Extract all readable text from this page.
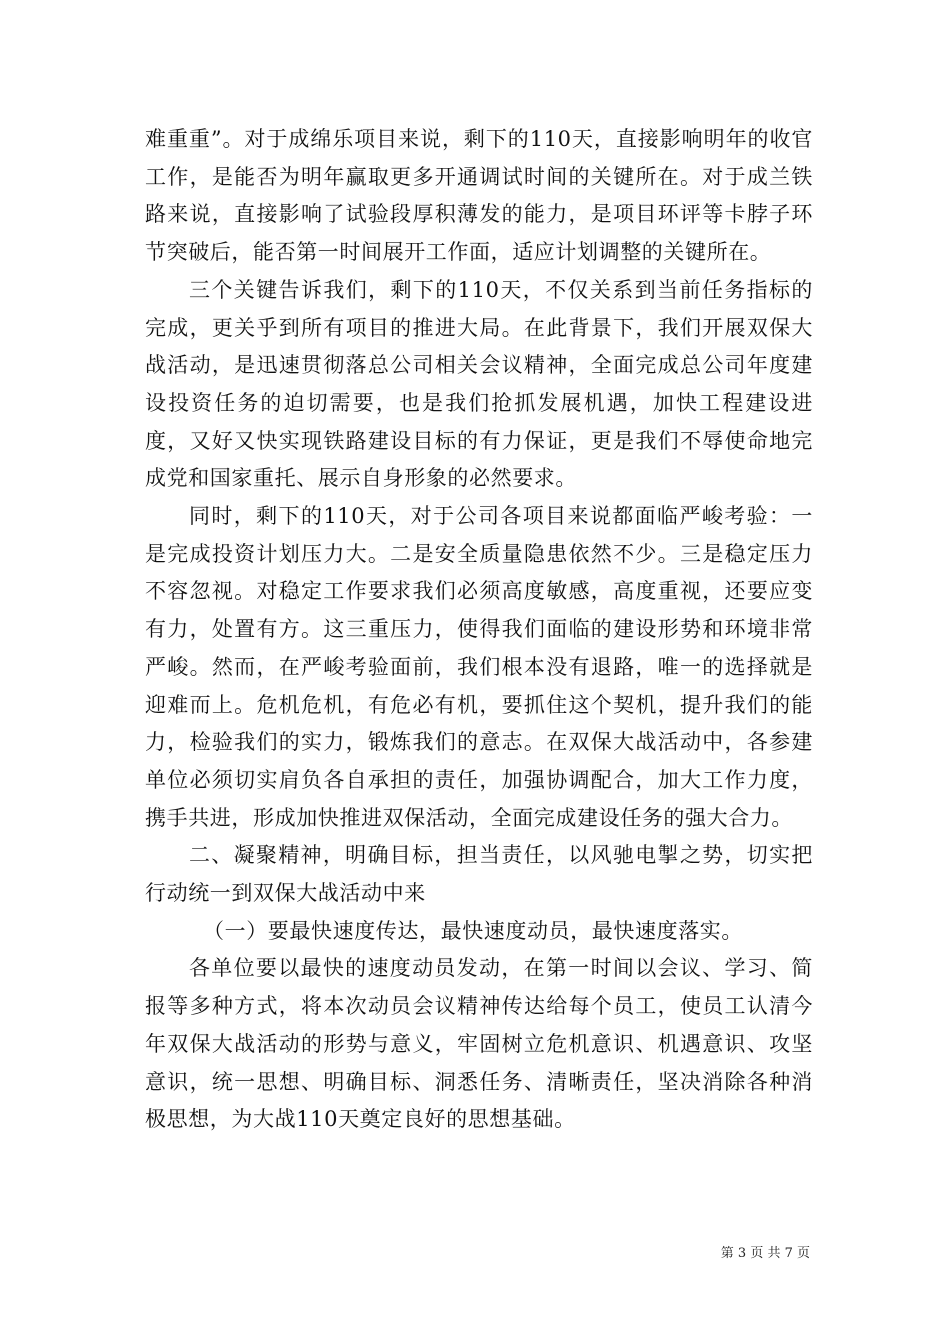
难重重”。对于成绵乐项目来说，剩下的110天，直接影响明年的收官工作，是能否为明年赢取更多开通调试时间的关键所在。对于成兰铁路来说，直接影响了试验段厚积薄发的能力，是项目环评等卡脖子环节突破后，能否第一时间展开工作面，适应计划调整的关键所在。

三个关键告诉我们，剩下的110天，不仅关系到当前任务指标的完成，更关乎到所有项目的推进大局。在此背景下，我们开展双保大战活动，是迅速贯彻落总公司相关会议精神，全面完成总公司年度建设投资任务的迫切需要，也是我们抢抓发展机遇，加快工程建设进度，又好又快实现铁路建设目标的有力保证，更是我们不辱使命地完成党和国家重托、展示自身形象的必然要求。

同时，剩下的110天，对于公司各项目来说都面临严峻考验：一是完成投资计划压力大。二是安全质量隐患依然不少。三是稳定压力不容忽视。对稳定工作要求我们必须高度敏感，高度重视，还要应变有力，处置有方。这三重压力，使得我们面临的建设形势和环境非常严峻。然而，在严峻考验面前，我们根本没有退路，唯一的选择就是迎难而上。危机危机，有危必有机，要抓住这个契机，提升我们的能力，检验我们的实力，锻炼我们的意志。在双保大战活动中，各参建单位必须切实肩负各自承担的责任，加强协调配合，加大工作力度，携手共进，形成加快推进双保活动，全面完成建设任务的强大合力。

二、凝聚精神，明确目标，担当责任，以风驰电掣之势，切实把行动统一到双保大战活动中来

（一）要最快速度传达，最快速度动员，最快速度落实。

各单位要以最快的速度动员发动，在第一时间以会议、学习、简报等多种方式，将本次动员会议精神传达给每个员工，使员工认清今年双保大战活动的形势与意义，牢固树立危机意识、机遇意识、攻坚意识，统一思想、明确目标、洞悉任务、清晰责任，坚决消除各种消极思想，为大战110天奠定良好的思想基础。

第 3 页 共 7 页
